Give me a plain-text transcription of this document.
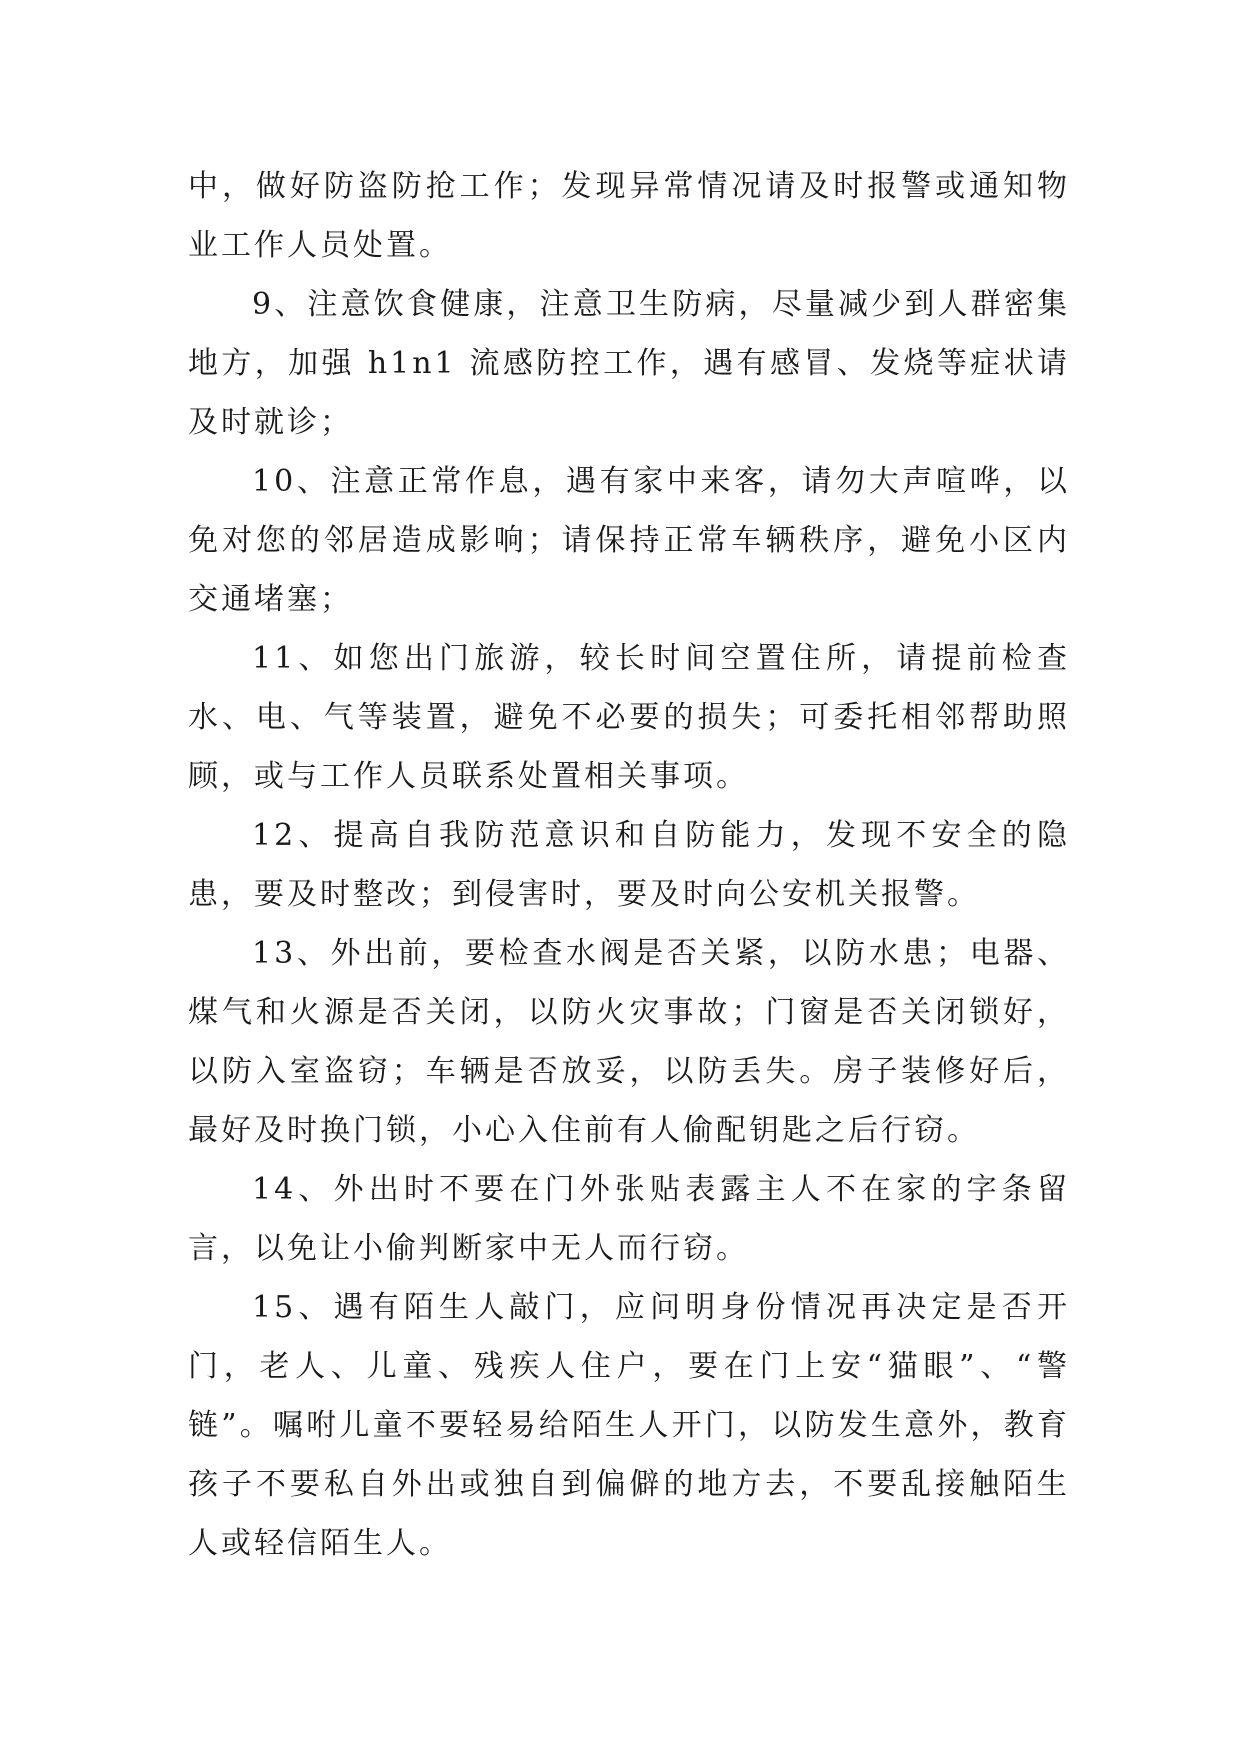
中，做好防盗防抢工作；发现异常情况请及时报警或通知物业工作人员处置。

9、注意饮食健康，注意卫生防病，尽量减少到人群密集地方，加强 h1n1 流感防控工作，遇有感冒、发烧等症状请及时就诊；

10、注意正常作息，遇有家中来客，请勿大声喧哗，以免对您的邻居造成影响；请保持正常车辆秩序，避免小区内交通堵塞；

11、如您出门旅游，较长时间空置住所，请提前检查水、电、气等装置，避免不必要的损失；可委托相邻帮助照顾，或与工作人员联系处置相关事项。

12、提高自我防范意识和自防能力，发现不安全的隐患，要及时整改；到侵害时，要及时向公安机关报警。

13、外出前，要检查水阀是否关紧，以防水患；电器、煤气和火源是否关闭，以防火灾事故；门窗是否关闭锁好，以防入室盗窃；车辆是否放妥，以防丢失。房子装修好后，最好及时换门锁，小心入住前有人偷配钥匙之后行窃。

14、外出时不要在门外张贴表露主人不在家的字条留言，以免让小偷判断家中无人而行窃。

15、遇有陌生人敲门，应问明身份情况再决定是否开门，老人、儿童、残疾人住户，要在门上安“猫眼”、“警链”。嘱咐儿童不要轻易给陌生人开门，以防发生意外，教育孩子不要私自外出或独自到偏僻的地方去，不要乱接触陌生人或轻信陌生人。
